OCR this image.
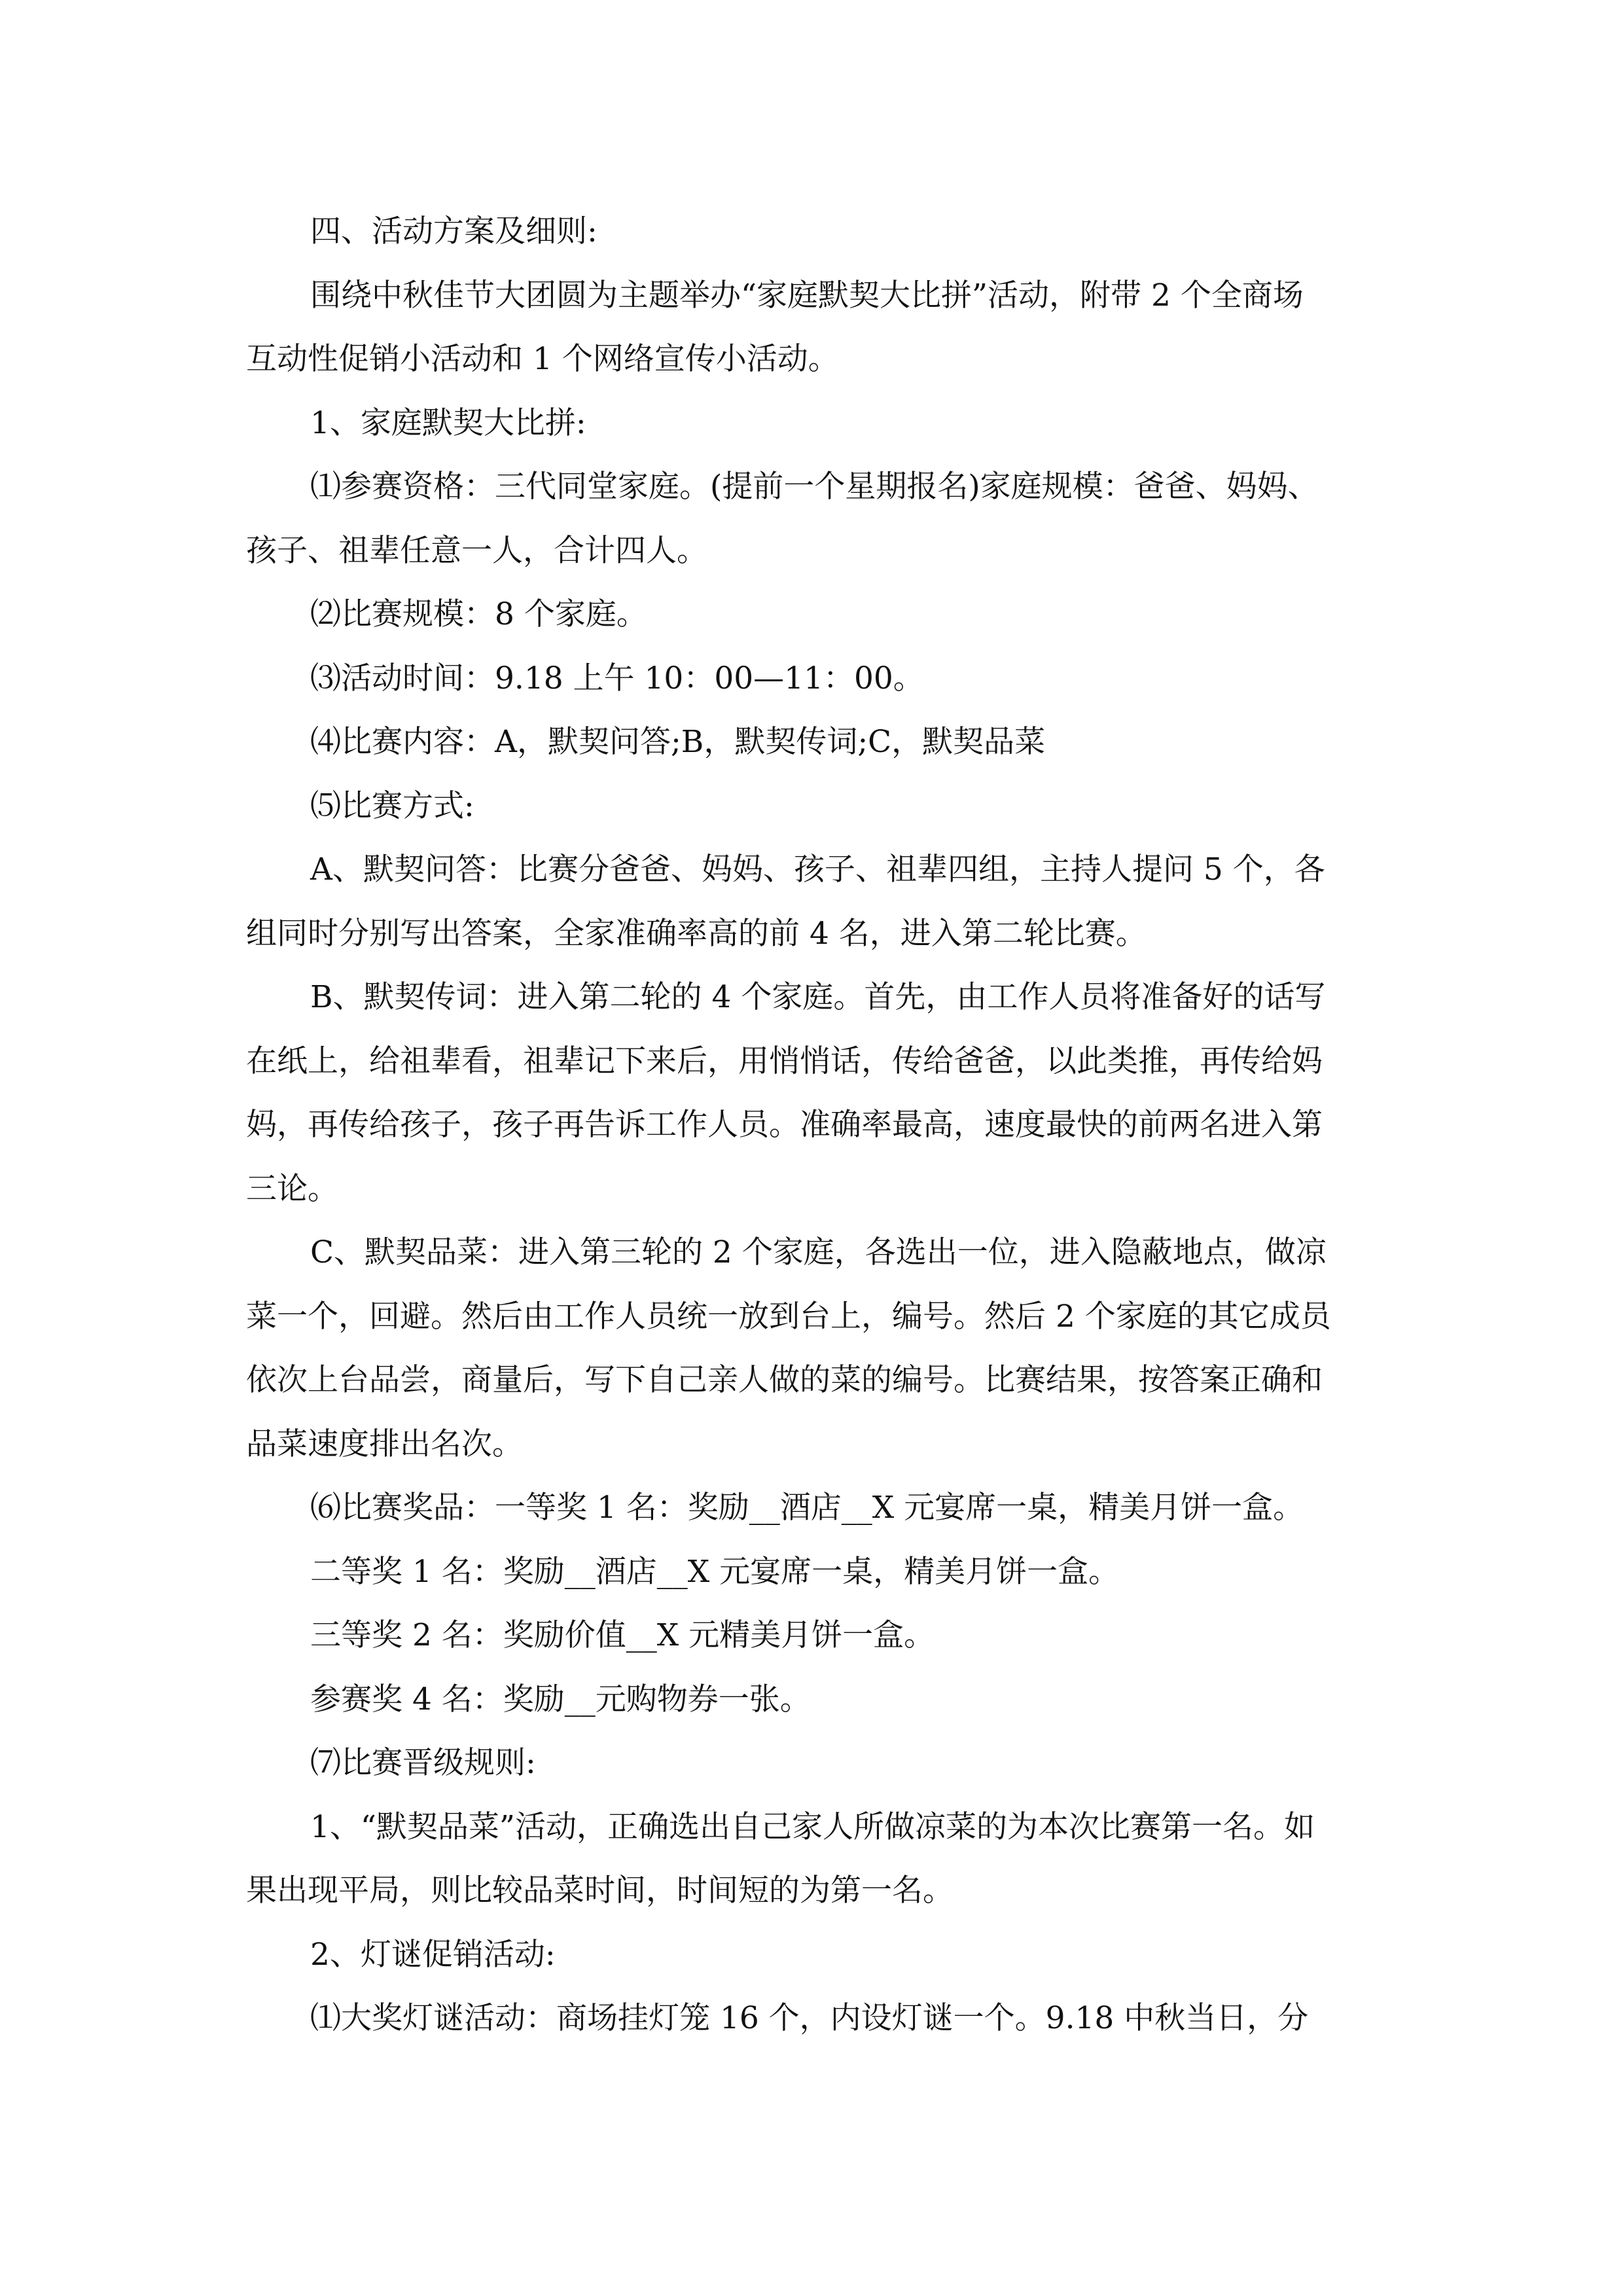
四、活动方案及细则:
围绕中秋佳节大团圆为主题举办“家庭默契大比拼”活动，附带 2 个全商场
互动性促销小活动和 1 个网络宣传小活动。
1、家庭默契大比拼:
⑴参赛资格：三代同堂家庭。(提前一个星期报名)家庭规模：爸爸、妈妈、
孩子、祖辈任意一人，合计四人。
⑵比赛规模：8 个家庭。
⑶活动时间：9.18 上午 10：00—11：00。
⑷比赛内容：A，默契问答;B，默契传词;C，默契品菜
⑸比赛方式:
A、默契问答：比赛分爸爸、妈妈、孩子、祖辈四组，主持人提问 5 个，各
组同时分别写出答案，全家准确率高的前 4 名，进入第二轮比赛。
B、默契传词：进入第二轮的 4 个家庭。首先，由工作人员将准备好的话写
在纸上，给祖辈看，祖辈记下来后，用悄悄话，传给爸爸，以此类推，再传给妈
妈，再传给孩子，孩子再告诉工作人员。准确率最高，速度最快的前两名进入第
三论。
C、默契品菜：进入第三轮的 2 个家庭，各选出一位，进入隐蔽地点，做凉
菜一个，回避。然后由工作人员统一放到台上，编号。然后 2 个家庭的其它成员
依次上台品尝，商量后，写下自己亲人做的菜的编号。比赛结果，按答案正确和
品菜速度排出名次。
⑹比赛奖品：一等奖 1 名：奖励__酒店__X 元宴席一桌，精美月饼一盒。
二等奖 1 名：奖励__酒店__X 元宴席一桌，精美月饼一盒。
三等奖 2 名：奖励价值__X 元精美月饼一盒。
参赛奖 4 名：奖励__元购物券一张。
⑺比赛晋级规则:
1、“默契品菜”活动，正确选出自己家人所做凉菜的为本次比赛第一名。如
果出现平局，则比较品菜时间，时间短的为第一名。
2、灯谜促销活动:
⑴大奖灯谜活动：商场挂灯笼 16 个，内设灯谜一个。9.18 中秋当日，分
